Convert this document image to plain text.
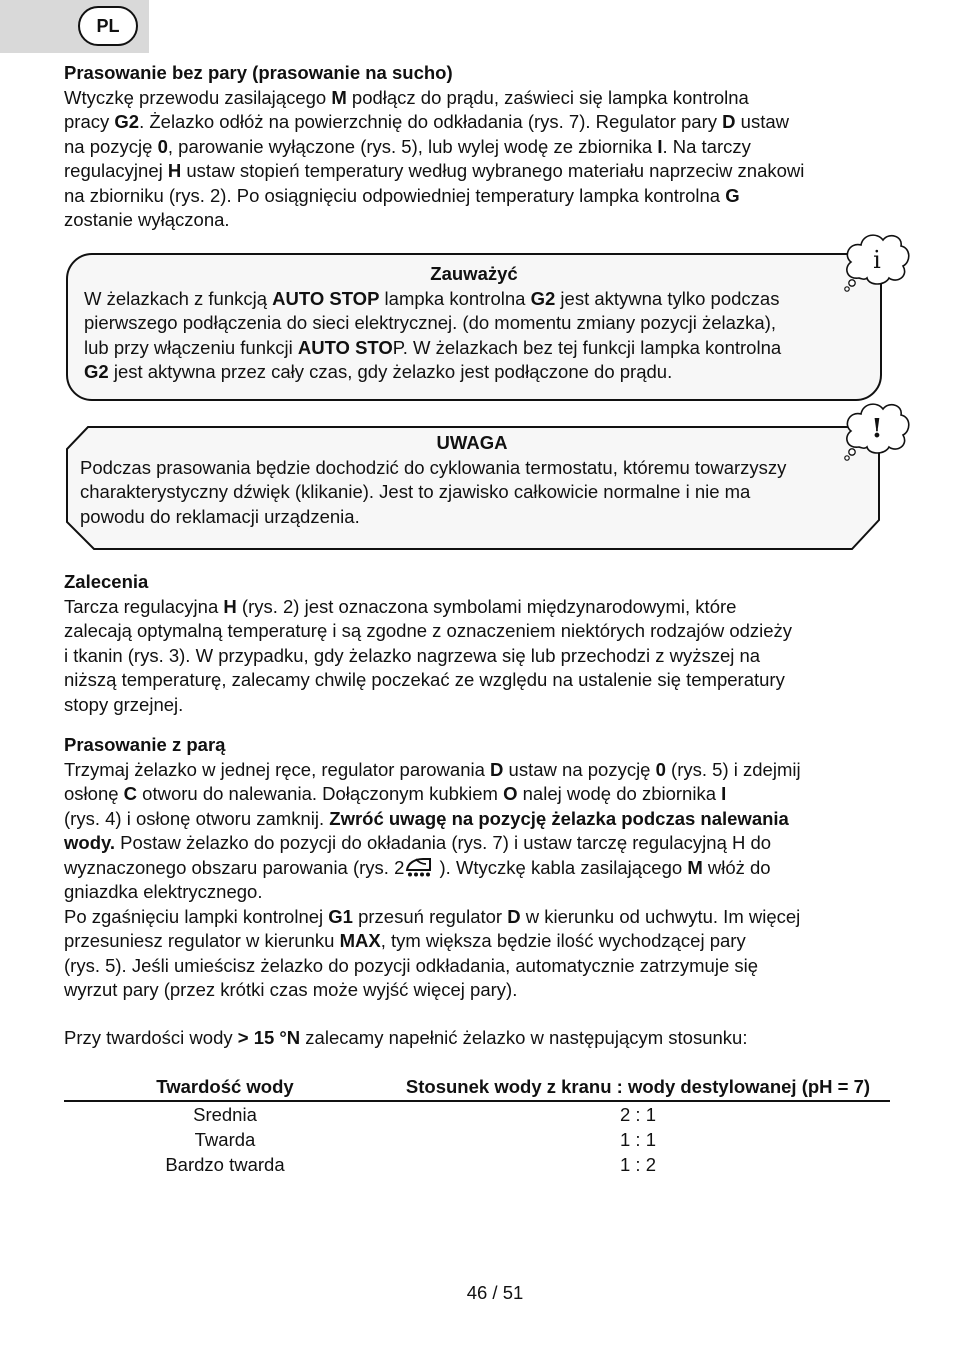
PL

Prasowanie bez pary (prasowanie na sucho)

Wtyczkę przewodu zasilającego M podłącz do prądu, zaświeci się lampka kontrolna
pracy G2. Żelazko odłóż na powierzchnię do odkładania (rys. 7). Regulator pary D ustaw
na pozycję 0, parowanie wyłączone (rys. 5), lub wylej wodę ze zbiornika I. Na tarczy
regulacyjnej H ustaw stopień temperatury według wybranego materiału naprzeciw znakowi
na zbiorniku (rys. 2). Po osiągnięciu odpowiedniej temperatury lampka kontrolna G
zostanie wyłączona.
Zauważyć
W żelazkach z funkcją AUTO STOP lampka kontrolna G2 jest aktywna tylko podczas
pierwszego podłączenia do sieci elektrycznej. (do momentu zmiany pozycji żelazka),
lub przy włączeniu funkcji AUTO STOP. W żelazkach bez tej funkcji lampka kontrolna
G2 jest aktywna przez cały czas, gdy żelazko jest podłączone do prądu.
i
UWAGA
Podczas prasowania będzie dochodzić do cyklowania termostatu, któremu towarzyszy
charakterystyczny dźwięk (klikanie). Jest to zjawisko całkowicie normalne i nie ma
powodu do reklamacji urządzenia.
!

Zalecenia

Tarcza regulacyjna H (rys. 2) jest oznaczona symbolami międzynarodowymi, które
zalecają optymalną temperaturę i są zgodne z oznaczeniem niektórych rodzajów odzieży
i tkanin (rys. 3). W przypadku, gdy żelazko nagrzewa się lub przechodzi z wyższej na
niższą temperaturę, zalecamy chwilę poczekać ze względu na ustalenie się temperatury
stopy grzejnej.

Prasowanie z parą

Trzymaj żelazko w jednej ręce, regulator parowania D ustaw na pozycję 0 (rys. 5) i zdejmij
osłonę C otworu do nalewania. Dołączonym kubkiem O nalej wodę do zbiornika I
(rys. 4) i osłonę otworu zamknij. Zwróć uwagę na pozycję żelazka podczas nalewania
wody. Postaw żelazko do pozycji do okładania (rys. 7) i ustaw tarczę regulacyjną H do
wyznaczonego obszaru parowania (rys. 2 ). Wtyczkę kabla zasilającego M włóż do
gniazdka elektrycznego.
Po zgaśnięciu lampki kontrolnej G1 przesuń regulator D w kierunku od uchwytu. Im więcej
przesuniesz regulator w kierunku MAX, tym większa będzie ilość wychodzącej pary
(rys. 5). Jeśli umieścisz żelazko do pozycji odkładania, automatycznie zatrzymuje się
wyrzut pary (przez krótki czas może wyjść więcej pary).
Przy twardości wody > 15 °N zalecamy napełnić żelazko w następującym stosunku:
Twardość wody	Stosunek wody z kranu : wody destylowanej (pH = 7)
Srednia	2 : 1
Twarda	1 : 1
Bardzo twarda	1 : 2
46 / 51
